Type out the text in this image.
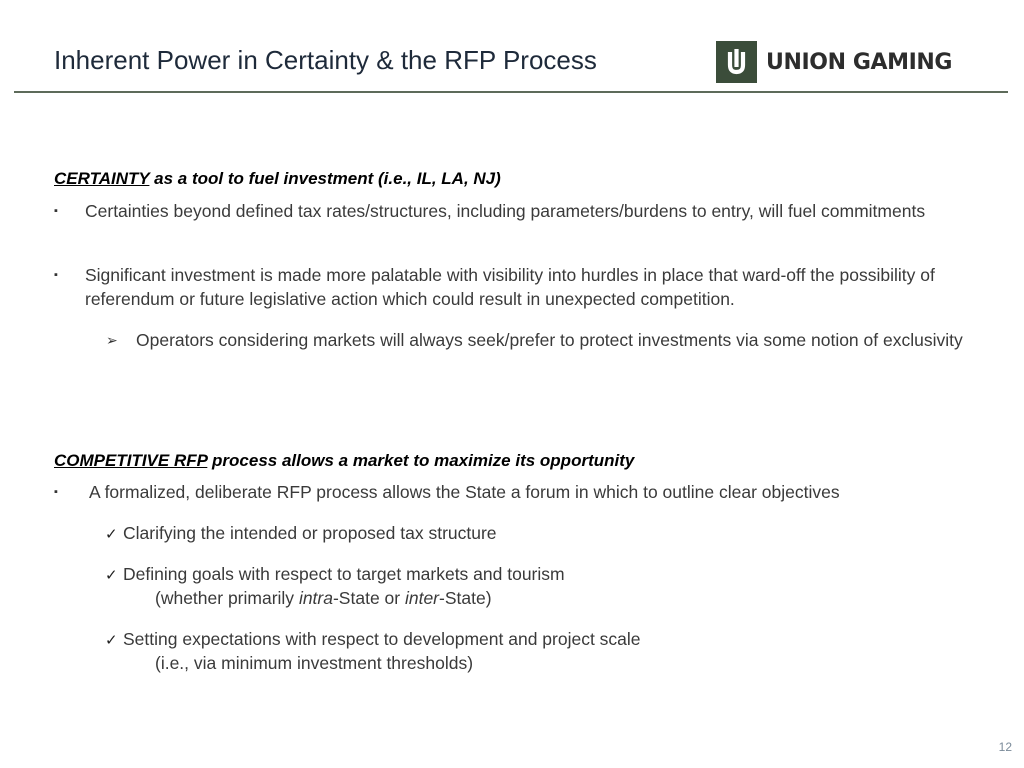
Inherent Power in Certainty & the RFP Process	UNION GAMING
CERTAINTY as a tool to fuel investment (i.e., IL, LA, NJ)
▪ Certainties beyond defined tax rates/structures, including parameters/burdens to entry, will fuel commitments
▪ Significant investment is made more palatable with visibility into hurdles in place that ward-off the possibility of referendum or future legislative action which could result in unexpected competition.
➢ Operators considering markets will always seek/prefer to protect investments via some notion of exclusivity
COMPETITIVE RFP process allows a market to maximize its opportunity
▪ A formalized, deliberate RFP process allows the State a forum in which to outline clear objectives
✓ Clarifying the intended or proposed tax structure
✓ Defining goals with respect to target markets and tourism
(whether primarily intra-State or inter-State)
✓ Setting expectations with respect to development and project scale
(i.e., via minimum investment thresholds)
12
